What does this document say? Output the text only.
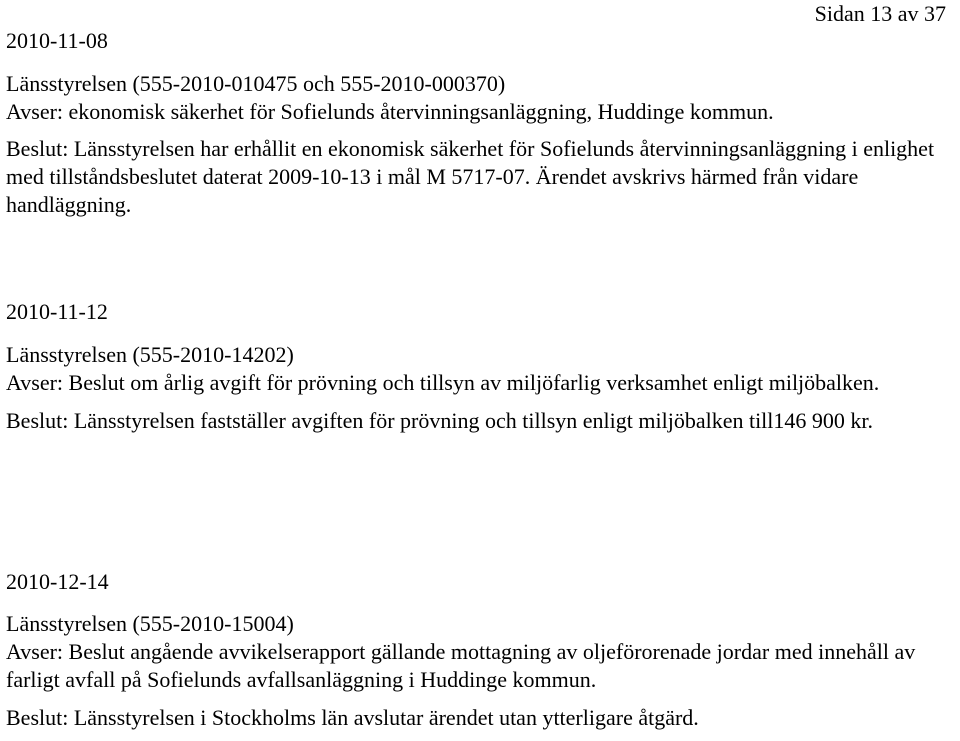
Sidan 13 av 37

2010-11-08

Länsstyrelsen (555-2010-010475 och 555-2010-000370)

Avser: ekonomisk säkerhet för Sofielunds återvinningsanläggning, Huddinge kommun.

Beslut: Länsstyrelsen har erhållit en ekonomisk säkerhet för Sofielunds återvinningsanläggning i enlighet med tillståndsbeslutet daterat 2009-10-13 i mål M 5717-07. Ärendet avskrivs härmed från vidare handläggning.

2010-11-12

Länsstyrelsen (555-2010-14202)

Avser: Beslut om årlig avgift för prövning och tillsyn av miljöfarlig verksamhet enligt miljöbalken.

Beslut: Länsstyrelsen fastställer avgiften för prövning och tillsyn enligt miljöbalken till146 900 kr.

2010-12-14

Länsstyrelsen (555-2010-15004)

Avser: Beslut angående avvikelserapport gällande mottagning av oljeförorenade jordar med innehåll av farligt avfall på Sofielunds avfallsanläggning i Huddinge kommun.

Beslut: Länsstyrelsen i Stockholms län avslutar ärendet utan ytterligare åtgärd.
